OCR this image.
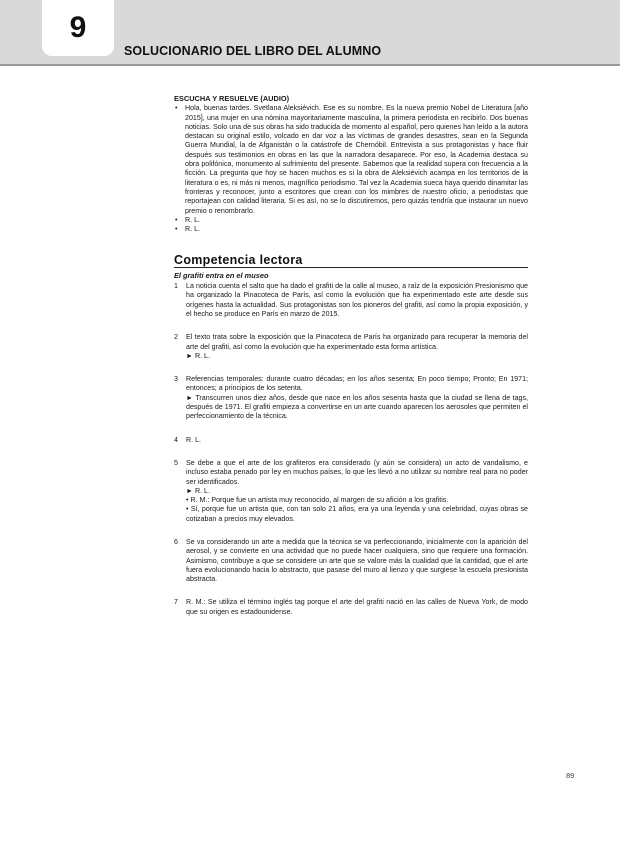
9
SOLUCIONARIO DEL LIBRO DEL ALUMNO
ESCUCHA Y RESUELVE (AUDIO)
• Hola, buenas tardes. Svetlana Aleksiévich. Ese es su nombre. Es la nueva premio Nobel de Literatura [año 2015], una mujer en una nómina mayoritariamente masculina, la primera periodista en recibirlo. Dos buenas noticias. Solo una de sus obras ha sido traducida de momento al español, pero quienes han leído a la autora destacan su original estilo, volcado en dar voz a las víctimas de grandes desastres, sean en la Segunda Guerra Mundial, la de Afganistán o la catástrofe de Chernóbil. Entrevista a sus protagonistas y hace fluir después sus testimonios en obras en las que la narradora desaparece. Por eso, la Academia destaca su obra polifónica, monumento al sufrimiento del presente. Sabemos que la realidad supera con frecuencia a la ficción. La pregunta que hoy se hacen muchos es si la obra de Aleksiévich acampa en los territorios de la literatura o es, ni más ni menos, magnífico periodismo. Tal vez la Academia sueca haya querido dinamitar las fronteras y reconocer, junto a escritores que crean con los mimbres de nuestro oficio, a periodistas que reportajean con calidad literaria. Si es así, no se lo discutiremos, pero quizás tendría que instaurar un nuevo premio o renombrarlo.
• R. L.
• R. L.
Competencia lectora
El grafiti entra en el museo
1 La noticia cuenta el salto que ha dado el grafiti de la calle al museo, a raíz de la exposición Presionismo que ha organizado la Pinacoteca de París, así como la evolución que ha experimentado este arte desde sus orígenes hasta la actualidad. Sus protagonistas son los pioneros del grafiti, así como la propia exposición, y el hecho se produce en París en marzo de 2015.

2 El texto trata sobre la exposición que la Pinacoteca de París ha organizado para recuperar la memoria del arte del grafiti, así como la evolución que ha experimentado esta forma artística.

► R. L.

3 Referencias temporales: durante cuatro décadas; en los años sesenta; En poco tiempo; Pronto; En 1971; entonces; a principios de los setenta.

► Transcurren unos diez años, desde que nace en los años sesenta hasta que la ciudad se llena de tags, después de 1971. El grafiti empieza a convertirse en un arte cuando aparecen los aerosoles que permiten el perfeccionamiento de la técnica.

4 R. L.

5 Se debe a que el arte de los grafiteros era considerado (y aún se considera) un acto de vandalismo, e incluso estaba penado por ley en muchos países, lo que les llevó a no utilizar su nombre real para no poder ser identificados.

► R. L.

• R. M.: Porque fue un artista muy reconocido, al margen de su afición a los grafitis.

• Sí, porque fue un artista que, con tan solo 21 años, era ya una leyenda y una celebridad, cuyas obras se cotizaban a precios muy elevados.

6 Se va considerando un arte a medida que la técnica se va perfeccionando, inicialmente con la aparición del aerosol, y se convierte en una actividad que no puede hacer cualquiera, sino que requiere una formación. Asimismo, contribuye a que se considere un arte que se valore más la cualidad que la cantidad, que el arte fuera evolucionando hacia lo abstracto, que pasase del muro al lienzo y que surgiese la escuela presionista abstracta.

7 R. M.: Se utiliza el término inglés tag porque el arte del grafiti nació en las calles de Nueva York, de modo que su origen es estadounidense.

89
